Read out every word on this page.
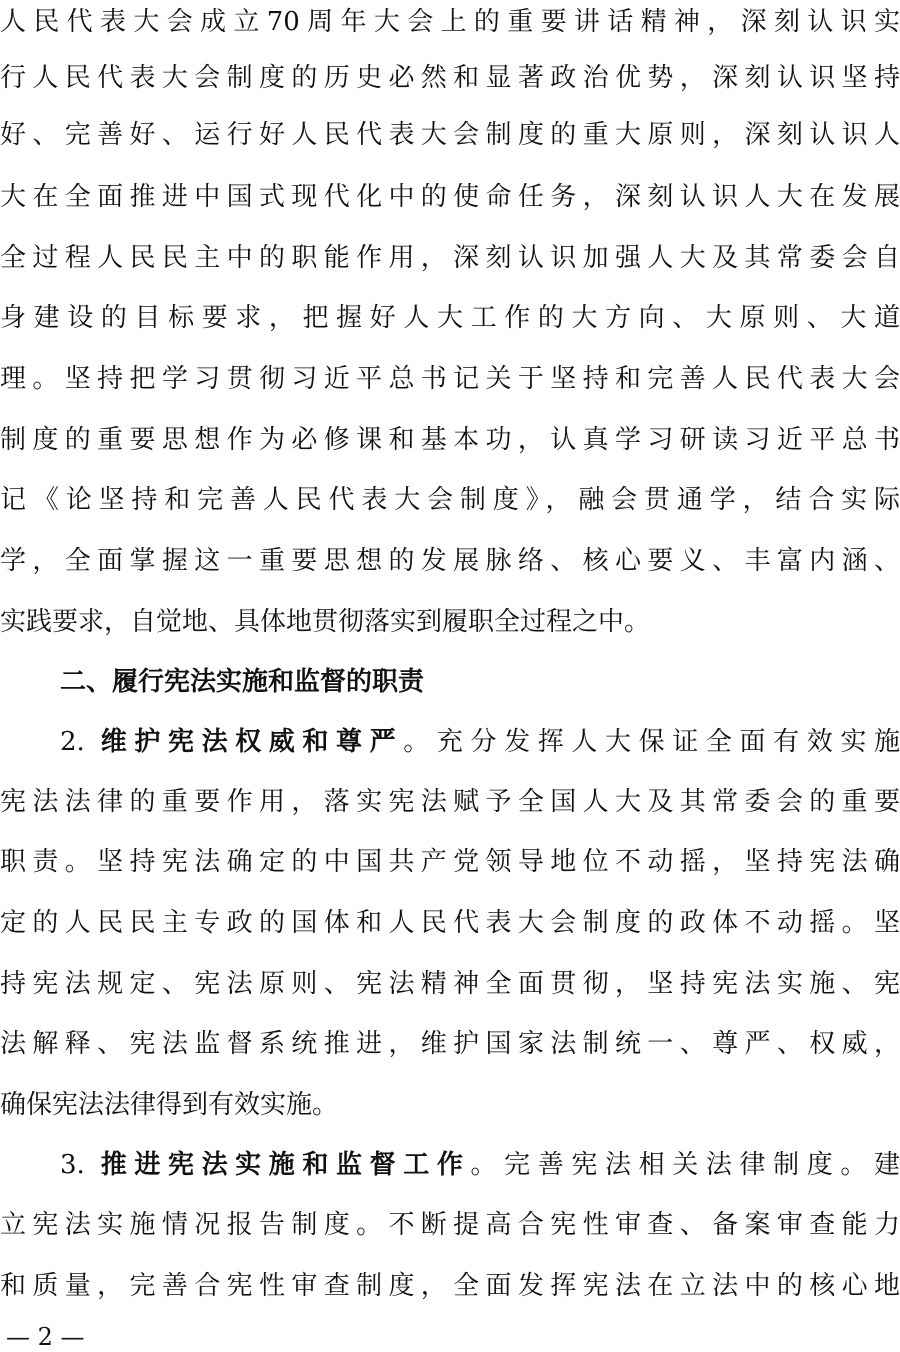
人民代表大会成立70周年大会上的重要讲话精神，深刻认识实
行人民代表大会制度的历史必然和显著政治优势，深刻认识坚持
好、完善好、运行好人民代表大会制度的重大原则，深刻认识人
大在全面推进中国式现代化中的使命任务，深刻认识人大在发展
全过程人民民主中的职能作用，深刻认识加强人大及其常委会自
身建设的目标要求，把握好人大工作的大方向、大原则、大道
理。坚持把学习贯彻习近平总书记关于坚持和完善人民代表大会
制度的重要思想作为必修课和基本功，认真学习研读习近平总书
记《论坚持和完善人民代表大会制度》，融会贯通学，结合实际
学，全面掌握这一重要思想的发展脉络、核心要义、丰富内涵、
实践要求，自觉地、具体地贯彻落实到履职全过程之中。
二、履行宪法实施和监督的职责
2. 维护宪法权威和尊严。充分发挥人大保证全面有效实施
宪法法律的重要作用，落实宪法赋予全国人大及其常委会的重要
职责。坚持宪法确定的中国共产党领导地位不动摇，坚持宪法确
定的人民民主专政的国体和人民代表大会制度的政体不动摇。坚
持宪法规定、宪法原则、宪法精神全面贯彻，坚持宪法实施、宪
法解释、宪法监督系统推进，维护国家法制统一、尊严、权威，
确保宪法法律得到有效实施。
3. 推进宪法实施和监督工作。完善宪法相关法律制度。建
立宪法实施情况报告制度。不断提高合宪性审查、备案审查能力
和质量，完善合宪性审查制度，全面发挥宪法在立法中的核心地
— 2 —
